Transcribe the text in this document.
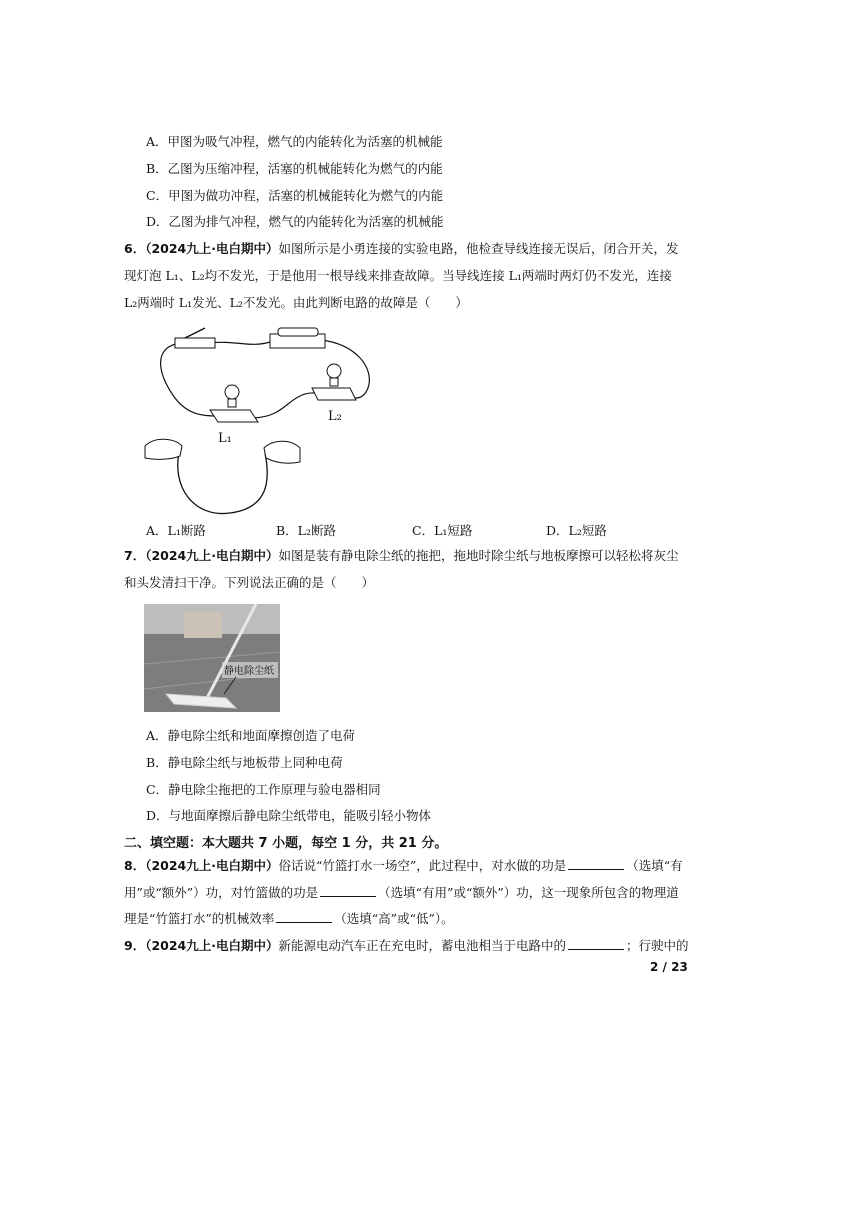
A．甲图为吸气冲程，燃气的内能转化为活塞的机械能
B．乙图为压缩冲程，活塞的机械能转化为燃气的内能
C．甲图为做功冲程，活塞的机械能转化为燃气的内能
D．乙图为排气冲程，燃气的内能转化为活塞的机械能
6．（2024九上·电白期中）如图所示是小勇连接的实验电路，他检查导线连接无误后，闭合开关，发
现灯泡 L₁、L₂均不发光，于是他用一根导线来排查故障。当导线连接 L₁两端时两灯仍不发光，连接
L₂两端时 L₁发光、L₂不发光。由此判断电路的故障是（　　）
L₁
L₂
A．L₁断路	B．L₂断路	C．L₁短路	D．L₂短路
7．（2024九上·电白期中）如图是装有静电除尘纸的拖把，拖地时除尘纸与地板摩擦可以轻松将灰尘
和头发清扫干净。下列说法正确的是（　　）
静电除尘纸
A．静电除尘纸和地面摩擦创造了电荷
B．静电除尘纸与地板带上同种电荷
C．静电除尘拖把的工作原理与验电器相同
D．与地面摩擦后静电除尘纸带电，能吸引轻小物体
二、填空题：本大题共 7 小题，每空 1 分，共 21 分。
8．（2024九上·电白期中）俗话说“竹篮打水一场空”，此过程中，对水做的功是	（选填“有
用”或“额外”）功，对竹篮做的功是	（选填“有用”或“额外”）功，这一现象所包含的物理道
理是“竹篮打水”的机械效率	（选填“高”或“低”）。
9．（2024九上·电白期中）新能源电动汽车正在充电时，蓄电池相当于电路中的	；行驶中的
2 / 23
